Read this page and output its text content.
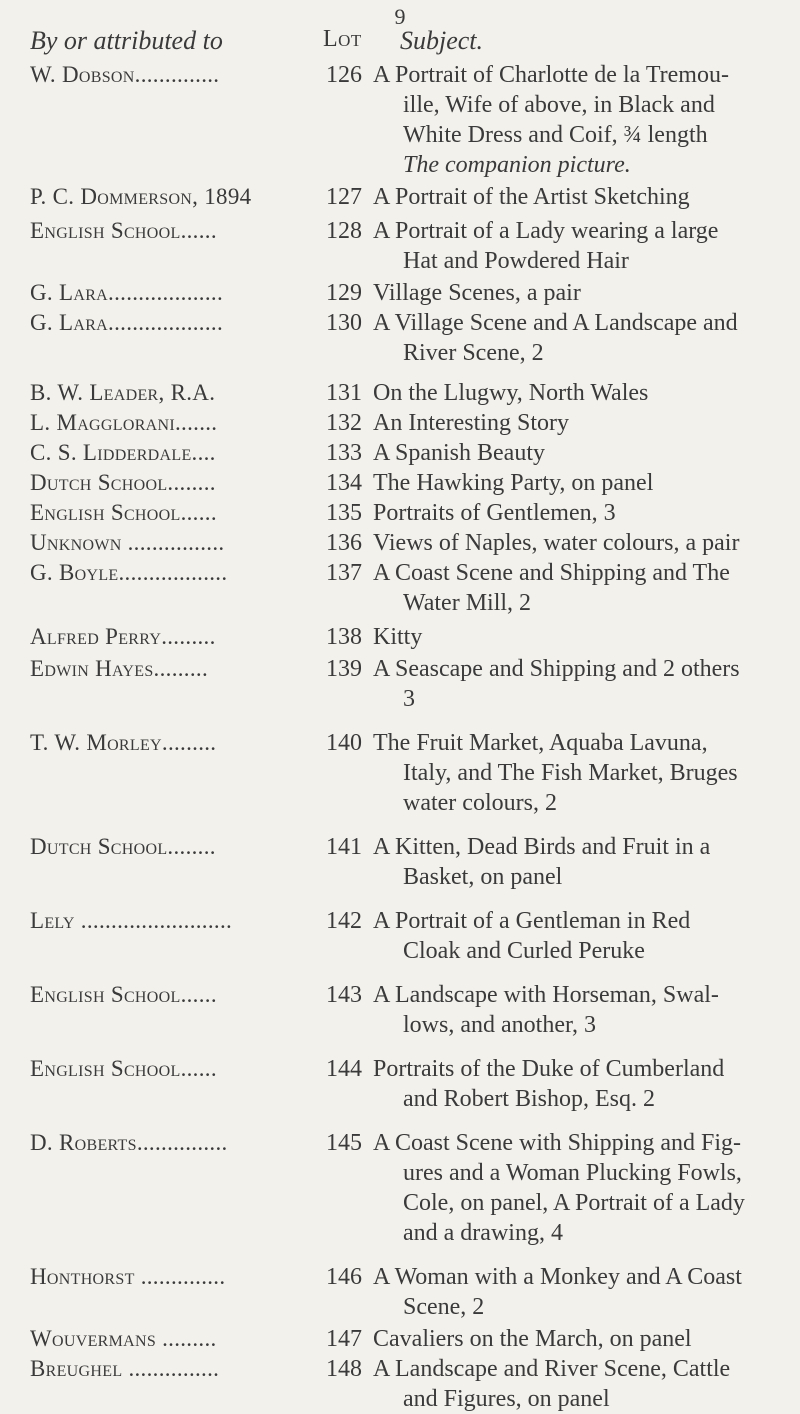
9
By or attributed to	Lot Subject.
W. Dobson..............	126 A Portrait of Charlotte de la Tremou-
ille, Wife of above, in Black and
White Dress and Coif, ¾ length
The companion picture.
P. C. Dommerson, 1894	127 A Portrait of the Artist Sketching
English School......	128 A Portrait of a Lady wearing a large
Hat and Powdered Hair
G. Lara...................	129 Village Scenes, a pair
G. Lara...................	130 A Village Scene and A Landscape and
River Scene, 2
B. W. Leader, R.A.	131 On the Llugwy, North Wales
L. Magglorani.......	132 An Interesting Story
C. S. Lidderdale....	133 A Spanish Beauty
Dutch School........	134 The Hawking Party, on panel
English School......	135 Portraits of Gentlemen, 3
Unknown ................	136 Views of Naples, water colours, a pair
G. Boyle..................	137 A Coast Scene and Shipping and The
Water Mill, 2
Alfred Perry.........	138 Kitty
Edwin Hayes.........	139 A Seascape and Shipping and 2 others
3
T. W. Morley.........	140 The Fruit Market, Aquaba Lavuna,
Italy, and The Fish Market, Bruges
water colours, 2
Dutch School........	141 A Kitten, Dead Birds and Fruit in a
Basket, on panel
Lely .........................	142 A Portrait of a Gentleman in Red
Cloak and Curled Peruke
English School......	143 A Landscape with Horseman, Swal-
lows, and another, 3
English School......	144 Portraits of the Duke of Cumberland
and Robert Bishop, Esq. 2
D. Roberts...............	145 A Coast Scene with Shipping and Fig-
ures and a Woman Plucking Fowls,
Cole, on panel, A Portrait of a Lady
and a drawing, 4
Honthorst ..............	146 A Woman with a Monkey and A Coast
Scene, 2
Wouvermans .........	147 Cavaliers on the March, on panel
Breughel ...............	148 A Landscape and River Scene, Cattle
and Figures, on panel
